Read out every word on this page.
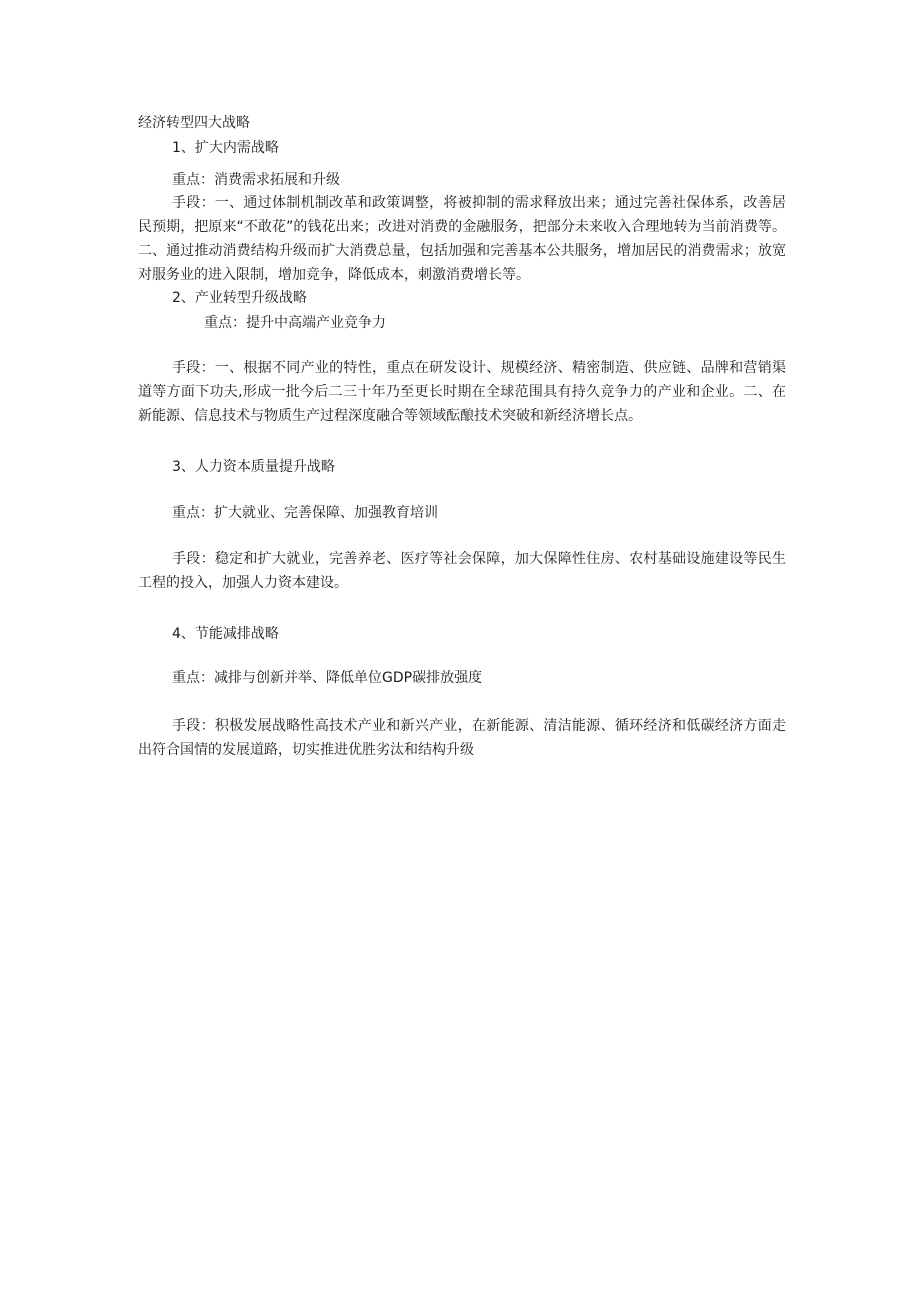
经济转型四大战略
1、扩大内需战略
重点：消费需求拓展和升级
手段：一、通过体制机制改革和政策调整，将被抑制的需求释放出来；通过完善社保体系，改善居民预期，把原来“不敢花”的钱花出来；改进对消费的金融服务，把部分未来收入合理地转为当前消费等。二、通过推动消费结构升级而扩大消费总量，包括加强和完善基本公共服务，增加居民的消费需求；放宽对服务业的进入限制，增加竞争，降低成本，刺激消费增长等。
2、产业转型升级战略
重点：提升中高端产业竞争力
手段：一、根据不同产业的特性，重点在研发设计、规模经济、精密制造、供应链、品牌和营销渠道等方面下功夫,形成一批今后二三十年乃至更长时期在全球范围具有持久竞争力的产业和企业。二、在新能源、信息技术与物质生产过程深度融合等领域酝酿技术突破和新经济增长点。
3、人力资本质量提升战略
重点：扩大就业、完善保障、加强教育培训
手段：稳定和扩大就业，完善养老、医疗等社会保障，加大保障性住房、农村基础设施建设等民生工程的投入，加强人力资本建设。
4、节能减排战略
重点：减排与创新并举、降低单位GDP碳排放强度
手段：积极发展战略性高技术产业和新兴产业，在新能源、清洁能源、循环经济和低碳经济方面走出符合国情的发展道路，切实推进优胜劣汰和结构升级
